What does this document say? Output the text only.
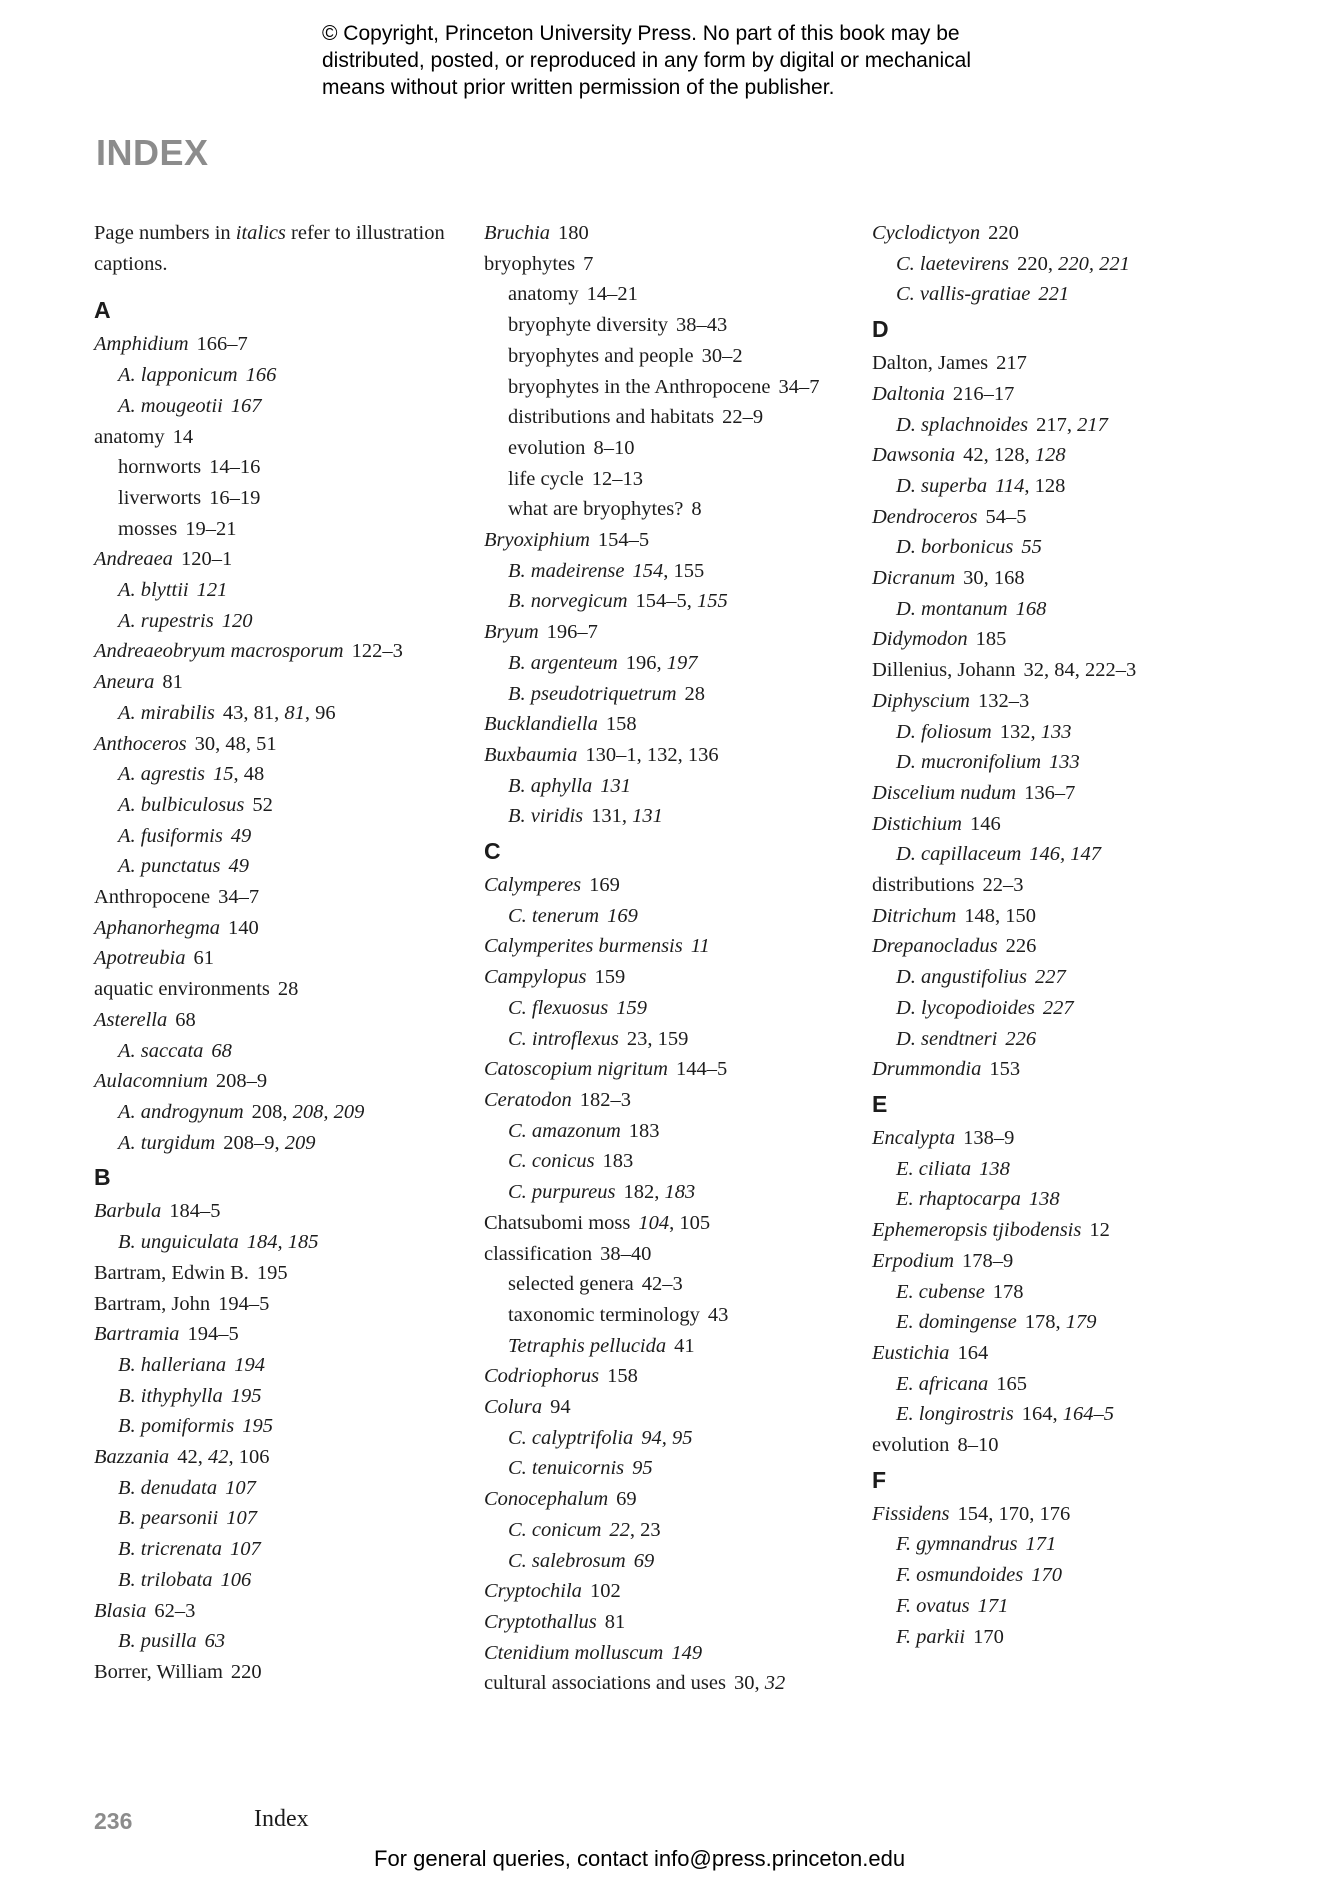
© Copyright, Princeton University Press. No part of this book may be
distributed, posted, or reproduced in any form by digital or mechanical
means without prior written permission of the publisher.
INDEX
Page numbers in italics refer to illustration captions.
A
Amphidium 166–7
A. lapponicum 166
A. mougeotii 167
anatomy 14
hornworts 14–16
liverworts 16–19
mosses 19–21
Andreaea 120–1
A. blyttii 121
A. rupestris 120
Andreaeobryum macrosporum 122–3
Aneura 81
A. mirabilis 43, 81, 81, 96
Anthoceros 30, 48, 51
A. agrestis 15, 48
A. bulbiculosus 52
A. fusiformis 49
A. punctatus 49
Anthropocene 34–7
Aphanorhegma 140
Apotreubia 61
aquatic environments 28
Asterella 68
A. saccata 68
Aulacomnium 208–9
A. androgynum 208, 208, 209
A. turgidum 208–9, 209
B
Barbula 184–5
B. unguiculata 184, 185
Bartram, Edwin B. 195
Bartram, John 194–5
Bartramia 194–5
B. halleriana 194
B. ithyphylla 195
B. pomiformis 195
Bazzania 42, 42, 106
B. denudata 107
B. pearsonii 107
B. tricrenata 107
B. trilobata 106
Blasia 62–3
B. pusilla 63
Borrer, William 220
Bruchia 180
bryophytes 7
anatomy 14–21
bryophyte diversity 38–43
bryophytes and people 30–2
bryophytes in the Anthropocene 34–7
distributions and habitats 22–9
evolution 8–10
life cycle 12–13
what are bryophytes? 8
Bryoxiphium 154–5
B. madeirense 154, 155
B. norvegicum 154–5, 155
Bryum 196–7
B. argenteum 196, 197
B. pseudotriquetrum 28
Bucklandiella 158
Buxbaumia 130–1, 132, 136
B. aphylla 131
B. viridis 131, 131
C
Calymperes 169
C. tenerum 169
Calymperites burmensis 11
Campylopus 159
C. flexuosus 159
C. introflexus 23, 159
Catoscopium nigritum 144–5
Ceratodon 182–3
C. amazonum 183
C. conicus 183
C. purpureus 182, 183
Chatsubomi moss 104, 105
classification 38–40
selected genera 42–3
taxonomic terminology 43
Tetraphis pellucida 41
Codriophorus 158
Colura 94
C. calyptrifolia 94, 95
C. tenuicornis 95
Conocephalum 69
C. conicum 22, 23
C. salebrosum 69
Cryptochila 102
Cryptothallus 81
Ctenidium molluscum 149
cultural associations and uses 30, 32
Cyclodictyon 220
C. laetevirens 220, 220, 221
C. vallis-gratiae 221
D
Dalton, James 217
Daltonia 216–17
D. splachnoides 217, 217
Dawsonia 42, 128, 128
D. superba 114, 128
Dendroceros 54–5
D. borbonicus 55
Dicranum 30, 168
D. montanum 168
Didymodon 185
Dillenius, Johann 32, 84, 222–3
Diphyscium 132–3
D. foliosum 132, 133
D. mucronifolium 133
Discelium nudum 136–7
Distichium 146
D. capillaceum 146, 147
distributions 22–3
Ditrichum 148, 150
Drepanocladus 226
D. angustifolius 227
D. lycopodioides 227
D. sendtneri 226
Drummondia 153
E
Encalypta 138–9
E. ciliata 138
E. rhaptocarpa 138
Ephemeropsis tjibodensis 12
Erpodium 178–9
E. cubense 178
E. domingense 178, 179
Eustichia 164
E. africana 165
E. longirostris 164, 164–5
evolution 8–10
F
Fissidens 154, 170, 176
F. gymnandrus 171
F. osmundoides 170
F. ovatus 171
F. parkii 170
236	Index
For general queries, contact info@press.princeton.edu
